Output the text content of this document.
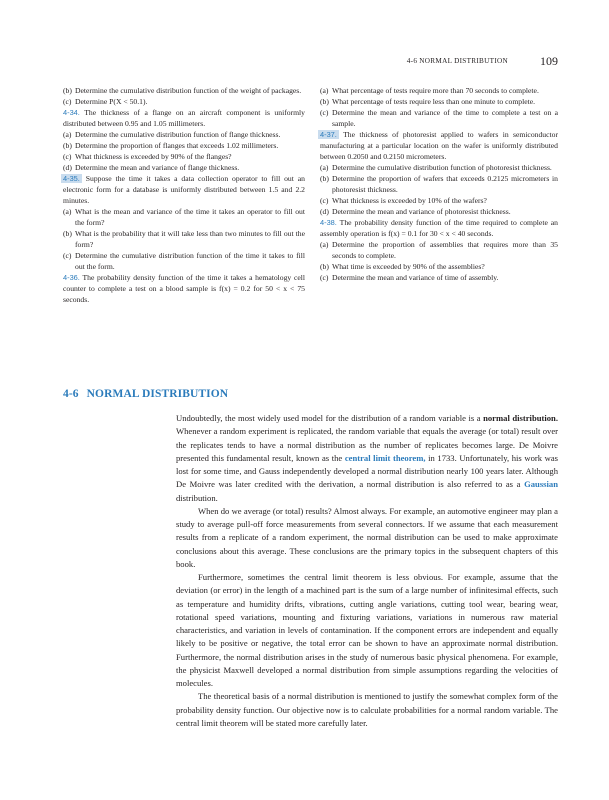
4-6 NORMAL DISTRIBUTION	109
(b) Determine the cumulative distribution function of the weight of packages.
(c) Determine P(X < 50.1).
4-34. The thickness of a flange on an aircraft component is uniformly distributed between 0.95 and 1.05 millimeters.
(a) Determine the cumulative distribution function of flange thickness.
(b) Determine the proportion of flanges that exceeds 1.02 millimeters.
(c) What thickness is exceeded by 90% of the flanges?
(d) Determine the mean and variance of flange thickness.
4-35. Suppose the time it takes a data collection operator to fill out an electronic form for a database is uniformly distributed between 1.5 and 2.2 minutes.
(a) What is the mean and variance of the time it takes an operator to fill out the form?
(b) What is the probability that it will take less than two minutes to fill out the form?
(c) Determine the cumulative distribution function of the time it takes to fill out the form.
4-36. The probability density function of the time it takes a hematology cell counter to complete a test on a blood sample is f(x) = 0.2 for 50 < x < 75 seconds.
(a) What percentage of tests require more than 70 seconds to complete.
(b) What percentage of tests require less than one minute to complete.
(c) Determine the mean and variance of the time to complete a test on a sample.
4-37. The thickness of photoresist applied to wafers in semiconductor manufacturing at a particular location on the wafer is uniformly distributed between 0.2050 and 0.2150 micrometers.
(a) Determine the cumulative distribution function of photoresist thickness.
(b) Determine the proportion of wafers that exceeds 0.2125 micrometers in photoresist thickness.
(c) What thickness is exceeded by 10% of the wafers?
(d) Determine the mean and variance of photoresist thickness.
4-38. The probability density function of the time required to complete an assembly operation is f(x) = 0.1 for 30 < x < 40 seconds.
(a) Determine the proportion of assemblies that requires more than 35 seconds to complete.
(b) What time is exceeded by 90% of the assemblies?
(c) Determine the mean and variance of time of assembly.
4-6 NORMAL DISTRIBUTION

Undoubtedly, the most widely used model for the distribution of a random variable is a normal distribution. Whenever a random experiment is replicated, the random variable that equals the average (or total) result over the replicates tends to have a normal distribution as the number of replicates becomes large. De Moivre presented this fundamental result, known as the central limit theorem, in 1733. Unfortunately, his work was lost for some time, and Gauss independently developed a normal distribution nearly 100 years later. Although De Moivre was later credited with the derivation, a normal distribution is also referred to as a Gaussian distribution.

When do we average (or total) results? Almost always. For example, an automotive engineer may plan a study to average pull-off force measurements from several connectors. If we assume that each measurement results from a replicate of a random experiment, the normal distribution can be used to make approximate conclusions about this average. These conclusions are the primary topics in the subsequent chapters of this book.

Furthermore, sometimes the central limit theorem is less obvious. For example, assume that the deviation (or error) in the length of a machined part is the sum of a large number of infinitesimal effects, such as temperature and humidity drifts, vibrations, cutting angle variations, cutting tool wear, bearing wear, rotational speed variations, mounting and fixturing variations, variations in numerous raw material characteristics, and variation in levels of contamination. If the component errors are independent and equally likely to be positive or negative, the total error can be shown to have an approximate normal distribution. Furthermore, the normal distribution arises in the study of numerous basic physical phenomena. For example, the physicist Maxwell developed a normal distribution from simple assumptions regarding the velocities of molecules.

The theoretical basis of a normal distribution is mentioned to justify the somewhat complex form of the probability density function. Our objective now is to calculate probabilities for a normal random variable. The central limit theorem will be stated more carefully later.
